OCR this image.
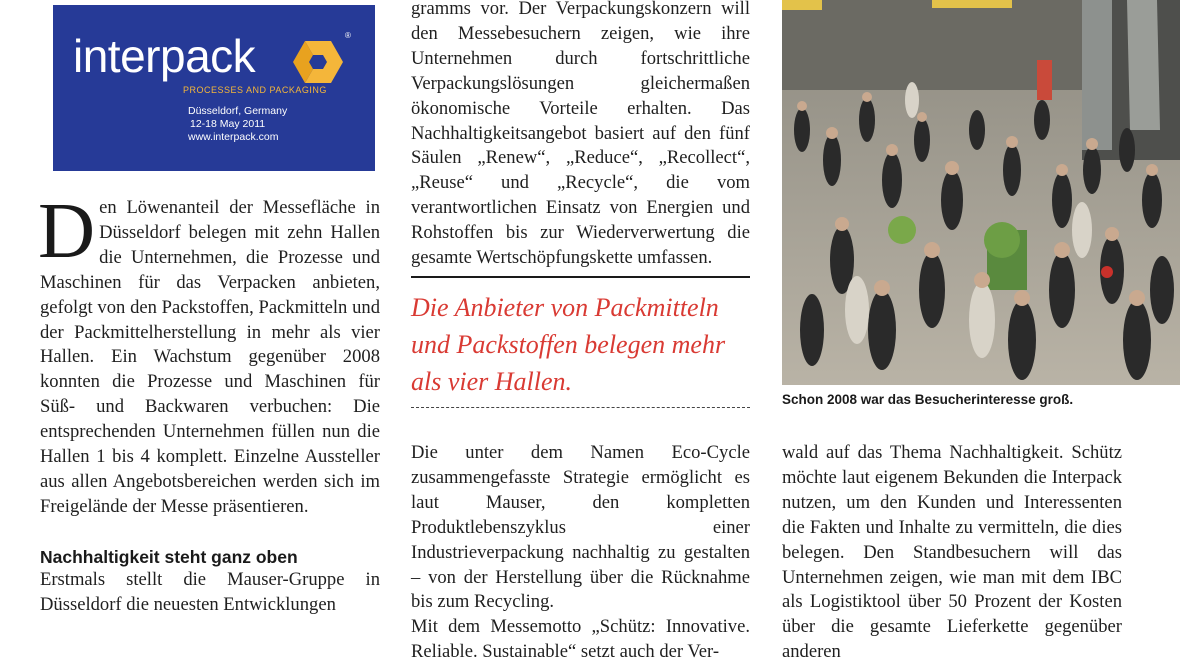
interpack	®
PROCESSES AND PACKAGING
Düsseldorf, Germany
12-18 May 2011
www.interpack.com

Den Löwenanteil der Messefläche in Düsseldorf belegen mit zehn Hallen die Unternehmen, die Prozesse und Maschinen für das Verpacken anbieten, gefolgt von den Packstoffen, Packmitteln und der Packmittelherstellung in mehr als vier Hallen. Ein Wachstum gegenüber 2008 konnten die Prozesse und Maschinen für Süß- und Backwaren verbuchen: Die entsprechenden Unternehmen füllen nun die Hallen 1 bis 4 komplett. Einzelne Aussteller aus allen Angebotsbereichen werden sich im Freigelände der Messe präsentieren.

Nachhaltigkeit steht ganz oben

Erstmals stellt die Mauser-Gruppe in Düsseldorf die neuesten Entwicklungen

gramms vor. Der Verpackungskonzern will den Messebesuchern zeigen, wie ihre Unternehmen durch fortschrittliche Verpackungslösungen gleichermaßen ökonomische Vorteile erhalten. Das Nachhaltigkeitsangebot basiert auf den fünf Säulen „Renew“, „Reduce“, „Recollect“, „Reuse“ und „Recycle“, die vom verantwortlichen Einsatz von Energien und Rohstoffen bis zur Wiederverwertung die gesamte Wertschöpfungskette umfassen.

Die Anbieter von Packmitteln und Packstoffen belegen mehr als vier Hallen.

Die unter dem Namen Eco-Cycle zusammengefasste Strategie ermöglicht es laut Mauser, den kompletten Produktlebenszyklus einer Industrieverpackung nachhaltig zu gestalten – von der Herstellung über die Rücknahme bis zum Recycling.

Mit dem Messemotto „Schütz: Innovative. Reliable. Sustainable“ setzt auch der Ver-

Schon 2008 war das Besucherinteresse groß.

wald auf das Thema Nachhaltigkeit. Schütz möchte laut eigenem Bekunden die Interpack nutzen, um den Kunden und Interessenten die Fakten und Inhalte zu vermitteln, die dies belegen. Den Standbesuchern will das Unternehmen zeigen, wie man mit dem IBC als Logistiktool über 50 Prozent der Kosten über die gesamte Lieferkette gegenüber anderen
